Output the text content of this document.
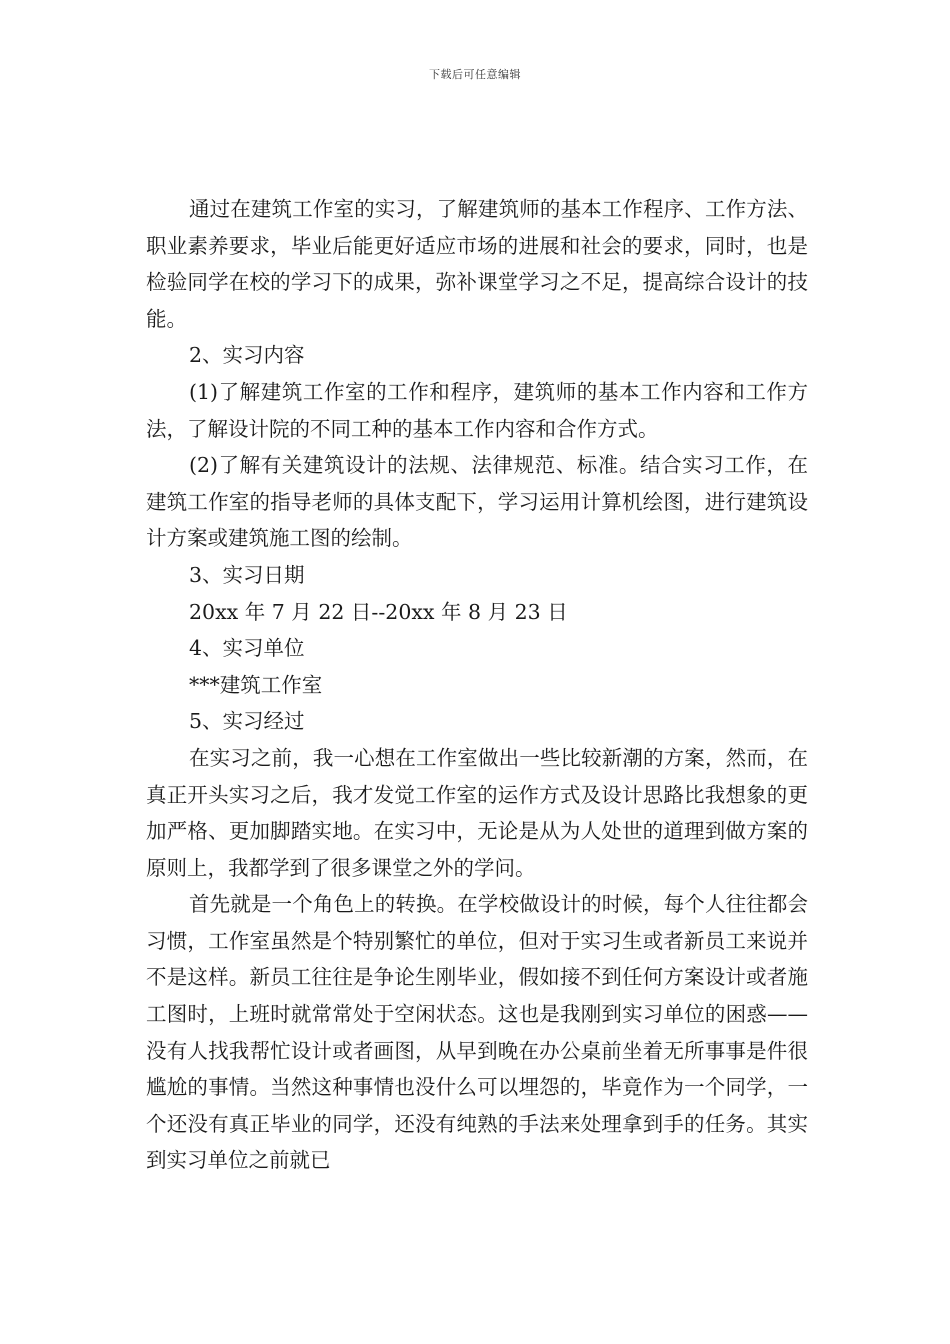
下载后可任意编辑

通过在建筑工作室的实习，了解建筑师的基本工作程序、工作方法、职业素养要求，毕业后能更好适应市场的进展和社会的要求，同时，也是检验同学在校的学习下的成果，弥补课堂学习之不足，提高综合设计的技能。

2、实习内容

(1)了解建筑工作室的工作和程序，建筑师的基本工作内容和工作方法，了解设计院的不同工种的基本工作内容和合作方式。

(2)了解有关建筑设计的法规、法律规范、标准。结合实习工作，在建筑工作室的指导老师的具体支配下，学习运用计算机绘图，进行建筑设计方案或建筑施工图的绘制。

3、实习日期

20xx 年 7 月 22 日--20xx 年 8 月 23 日

4、实习单位

***建筑工作室

5、实习经过

在实习之前，我一心想在工作室做出一些比较新潮的方案，然而，在真正开头实习之后，我才发觉工作室的运作方式及设计思路比我想象的更加严格、更加脚踏实地。在实习中，无论是从为人处世的道理到做方案的原则上，我都学到了很多课堂之外的学问。

首先就是一个角色上的转换。在学校做设计的时候，每个人往往都会习惯，工作室虽然是个特别繁忙的单位，但对于实习生或者新员工来说并不是这样。新员工往往是争论生刚毕业，假如接不到任何方案设计或者施工图时，上班时就常常处于空闲状态。这也是我刚到实习单位的困惑——没有人找我帮忙设计或者画图，从早到晚在办公桌前坐着无所事事是件很尴尬的事情。当然这种事情也没什么可以埋怨的，毕竟作为一个同学，一个还没有真正毕业的同学，还没有纯熟的手法来处理拿到手的任务。其实到实习单位之前就已
